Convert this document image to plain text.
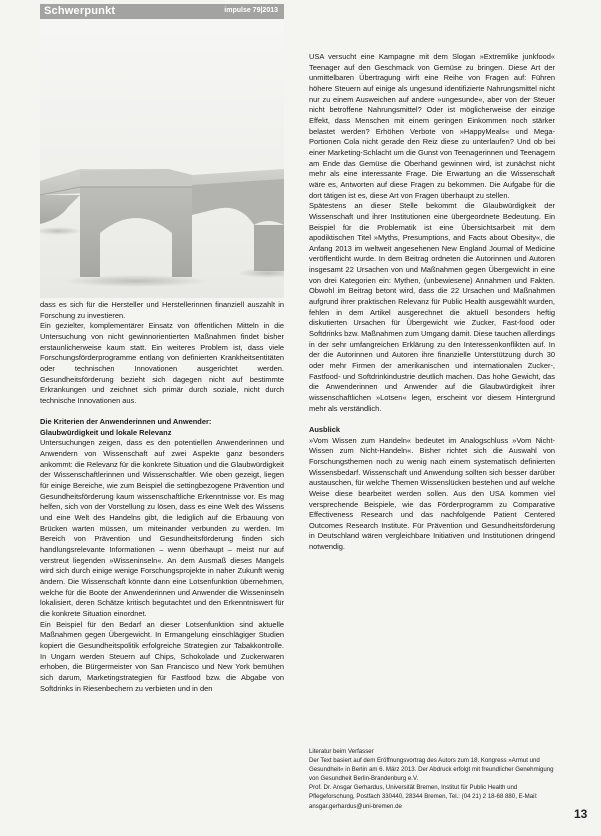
Schwerpunkt	impulse 79|2013

dass es sich für die Hersteller und Herstellerinnen finanziell auszahlt in Forschung zu investieren.

Ein gezielter, komplementärer Einsatz von öffentlichen Mitteln in die Untersuchung von nicht gewinnorientierten Maßnahmen findet bisher erstaunlicherweise kaum statt. Ein weiteres Problem ist, dass viele Forschungsförderprogramme entlang von definierten Krankheitsentitäten oder technischen Innovationen ausgerichtet werden. Gesundheitsförderung bezieht sich dagegen nicht auf bestimmte Erkrankungen und zeichnet sich primär durch soziale, nicht durch technische Innovationen aus.

Die Kriterien der Anwenderinnen und Anwender:

Glaubwürdigkeit und lokale Relevanz

Untersuchungen zeigen, dass es den potentiellen Anwenderinnen und Anwendern von Wissenschaft auf zwei Aspekte ganz besonders ankommt: die Relevanz für die konkrete Situation und die Glaubwürdigkeit der Wissenschaftlerinnen und Wissenschaftler. Wie oben gezeigt, liegen für einige Bereiche, wie zum Beispiel die settingbezogene Prävention und Gesundheitsförderung kaum wissenschaftliche Erkenntnisse vor. Es mag helfen, sich von der Vorstellung zu lösen, dass es eine Welt des Wissens und eine Welt des Handelns gibt, die lediglich auf die Erbauung von Brücken warten müssen, um miteinander verbunden zu werden. Im Bereich von Prävention und Gesundheitsförderung finden sich handlungsrelevante Informationen – wenn überhaupt – meist nur auf verstreut liegenden »Wisseninseln«. An dem Ausmaß dieses Mangels wird sich durch einige wenige Forschungsprojekte in naher Zukunft wenig ändern. Die Wissenschaft könnte dann eine Lotsenfunktion übernehmen, welche für die Boote der Anwenderinnen und Anwender die Wisseninseln lokalisiert, deren Schätze kritisch begutachtet und den Erkenntniswert für die konkrete Situation einordnet.

Ein Beispiel für den Bedarf an dieser Lotsenfunktion sind aktuelle Maßnahmen gegen Übergewicht. In Ermangelung einschlägiger Studien kopiert die Gesundheitspolitik erfolgreiche Strategien zur Tabakkontrolle. In Ungarn werden Steuern auf Chips, Schokolade und Zuckerwaren erhoben, die Bürgermeister von San Francisco und New York bemühen sich darum, Marketingstrategien für Fastfood bzw. die Abgabe von Softdrinks in Riesenbechern zu verbieten und in den

USA versucht eine Kampagne mit dem Slogan »Extremlike junkfood« Teenager auf den Geschmack von Gemüse zu bringen. Diese Art der unmittelbaren Übertragung wirft eine Reihe von Fragen auf: Führen höhere Steuern auf einige als ungesund identifizierte Nahrungsmittel nicht nur zu einem Ausweichen auf andere »ungesunde«, aber von der Steuer nicht betroffene Nahrungsmittel? Oder ist möglicherweise der einzige Effekt, dass Menschen mit einem geringen Einkommen noch stärker belastet werden? Erhöhen Verbote von »HappyMeals« und Mega-Portionen Cola nicht gerade den Reiz diese zu unterlaufen? Und ob bei einer Marketing-Schlacht um die Gunst von Teenagerinnen und Teenagern am Ende das Gemüse die Oberhand gewinnen wird, ist zunächst nicht mehr als eine interessante Frage. Die Erwartung an die Wissenschaft wäre es, Antworten auf diese Fragen zu bekommen. Die Aufgabe für die dort tätigen ist es, diese Art von Fragen überhaupt zu stellen.

Spätestens an dieser Stelle bekommt die Glaubwürdigkeit der Wissenschaft und ihrer Institutionen eine übergeordnete Bedeutung. Ein Beispiel für die Problematik ist eine Übersichtsarbeit mit dem apodiktischen Titel »Myths, Presumptions, and Facts about Obesity«, die Anfang 2013 im weltweit angesehenen New England Journal of Medicine veröffentlicht wurde. In dem Beitrag ordneten die Autorinnen und Autoren insgesamt 22 Ursachen von und Maßnahmen gegen Übergewicht in eine von drei Kategorien ein: Mythen, (unbewiesene) Annahmen und Fakten. Obwohl im Beitrag betont wird, dass die 22 Ursachen und Maßnahmen aufgrund ihrer praktischen Relevanz für Public Health ausgewählt wurden, fehlen in dem Artikel ausgerechnet die aktuell besonders heftig diskutierten Ursachen für Übergewicht wie Zucker, Fast-food oder Softdrinks bzw. Maßnahmen zum Umgang damit. Diese tauchen allerdings in der sehr umfangreichen Erklärung zu den Interessenkonflikten auf. In der die Autorinnen und Autoren ihre finanzielle Unterstützung durch 30 oder mehr Firmen der amerikanischen und internationalen Zucker-, Fastfood- und Softdrinkindustrie deutlich machen. Das hohe Gewicht, das die Anwenderinnen und Anwender auf die Glaubwürdigkeit ihrer wissenschaftlichen »Lotsen« legen, erscheint vor diesem Hintergrund mehr als verständlich.

Ausblick

»Vom Wissen zum Handeln« bedeutet im Analogschluss »Vom Nicht-Wissen zum Nicht-Handeln«. Bisher richtet sich die Auswahl von Forschungsthemen noch zu wenig nach einem systematisch definierten Wissensbedarf. Wissenschaft und Anwendung sollten sich besser darüber austauschen, für welche Themen Wissenslücken bestehen und auf welche Weise diese bearbeitet werden sollen. Aus den USA kommen viel versprechende Beispiele, wie das Förderprogramm zu Comparative Effectiveness Research und das nachfolgende Patient Centered Outcomes Research Institute. Für Prävention und Gesundheitsförderung in Deutschland wären vergleichbare Initiativen und Institutionen dringend notwendig.

Literatur beim Verfasser

Der Text basiert auf dem Eröffnungsvortrag des Autors zum 18. Kongress »Armut und Gesundheit« in Berlin am 6. März 2013. Der Abdruck erfolgt mit freundlicher Genehmigung von Gesundheit Berlin-Brandenburg e.V.

Prof. Dr. Ansgar Gerhardus, Universität Bremen, Institut für Public Health und Pflegeforschung, Postfach 330440, 28344 Bremen, Tel.: (04 21) 2 18-68 880, E-Mail: ansgar.gerhardus@uni-bremen.de

13
